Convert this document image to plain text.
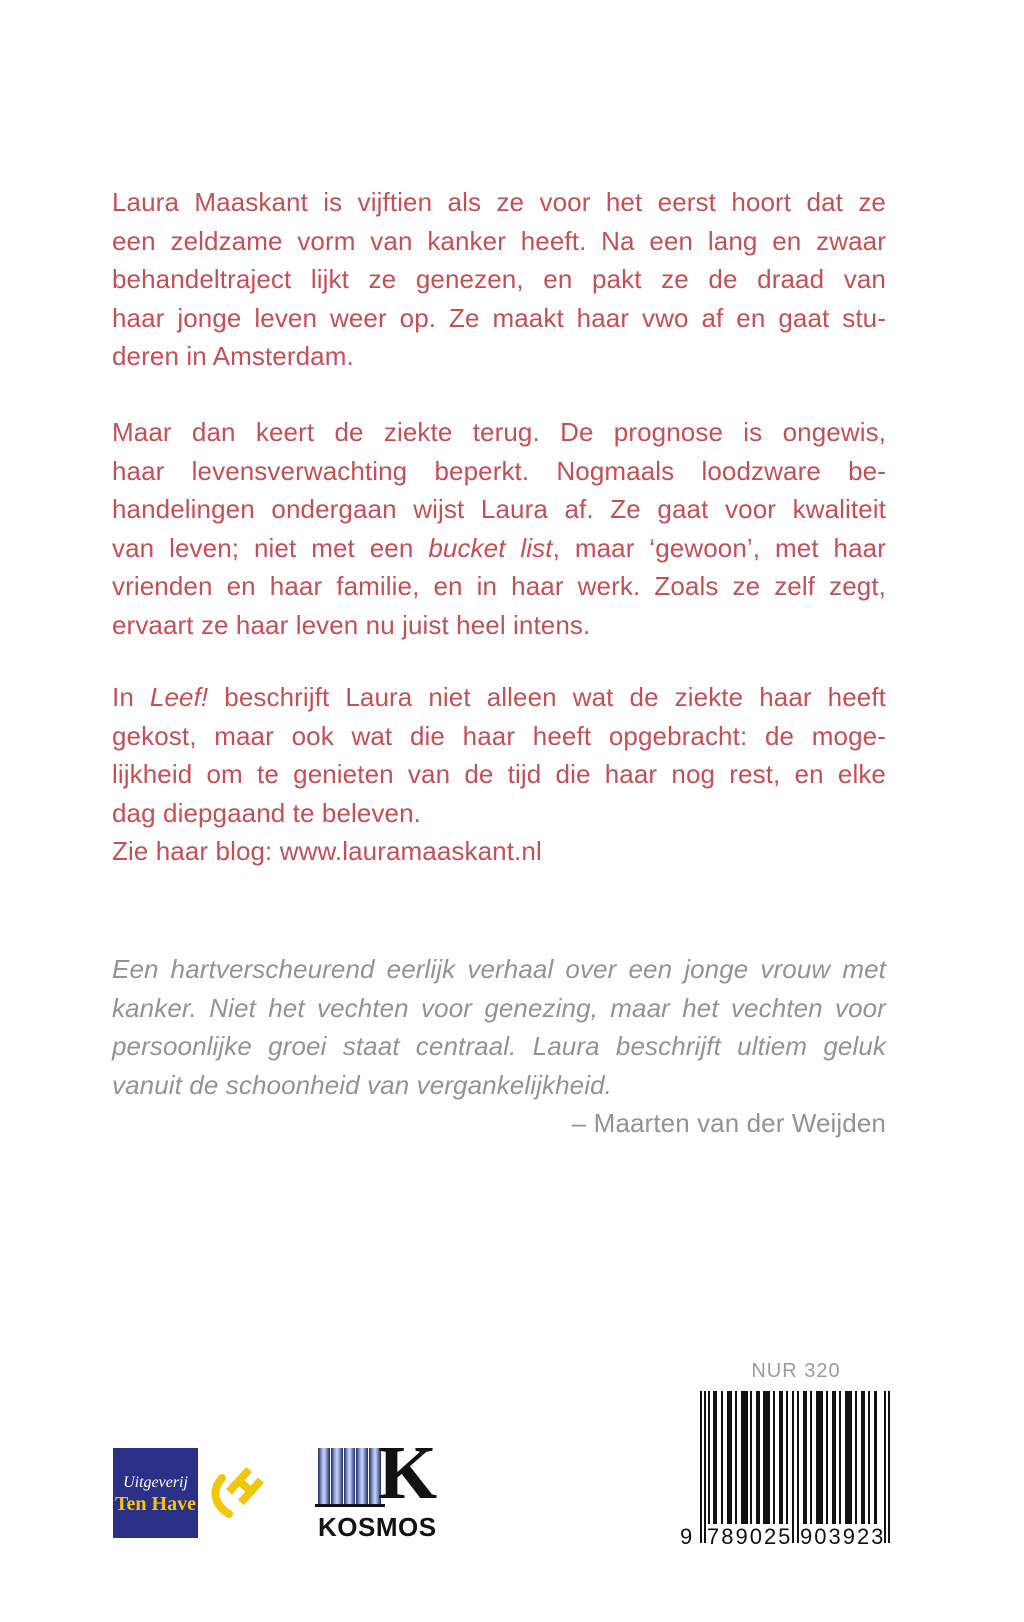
Laura Maaskant is vijftien als ze voor het eerst hoort dat ze
een zeldzame vorm van kanker heeft. Na een lang en zwaar
behandeltraject lijkt ze genezen, en pakt ze de draad van
haar jonge leven weer op. Ze maakt haar vwo af en gaat stu-
deren in Amsterdam.
Maar dan keert de ziekte terug. De prognose is ongewis,
haar levensverwachting beperkt. Nogmaals loodzware be-
handelingen ondergaan wijst Laura af. Ze gaat voor kwaliteit
van leven; niet met een bucket list, maar ‘gewoon’, met haar
vrienden en haar familie, en in haar werk. Zoals ze zelf zegt,
ervaart ze haar leven nu juist heel intens.
In Leef! beschrijft Laura niet alleen wat de ziekte haar heeft
gekost, maar ook wat die haar heeft opgebracht: de moge-
lijkheid om te genieten van de tijd die haar nog rest, en elke
dag diepgaand te beleven.
Zie haar blog: www.lauramaaskant.nl
Een hartverscheurend eerlijk verhaal over een jonge vrouw met
kanker. Niet het vechten voor genezing, maar het vechten voor
persoonlijke groei staat centraal. Laura beschrijft ultiem geluk
vanuit de schoonheid van vergankelijkheid.
– Maarten van der Weijden
Uitgeverij
Ten Have K
KOSMOS
NUR 320
9 789025 903923
